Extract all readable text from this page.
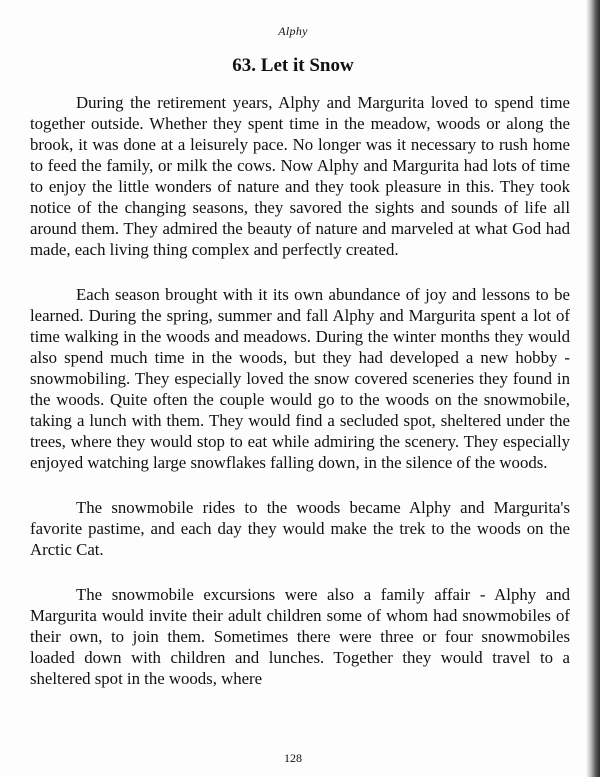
Alphy
63. Let it Snow

During the retirement years, Alphy and Margurita loved to spend time together outside. Whether they spent time in the meadow, woods or along the brook, it was done at a leisurely pace. No longer was it necessary to rush home to feed the family, or milk the cows. Now Alphy and Margurita had lots of time to enjoy the little wonders of nature and they took pleasure in this. They took notice of the changing seasons, they savored the sights and sounds of life all around them. They admired the beauty of nature and marveled at what God had made, each living thing complex and perfectly created.

Each season brought with it its own abundance of joy and lessons to be learned. During the spring, summer and fall Alphy and Margurita spent a lot of time walking in the woods and meadows. During the winter months they would also spend much time in the woods, but they had developed a new hobby - snowmobiling. They especially loved the snow covered sceneries they found in the woods. Quite often the couple would go to the woods on the snowmobile, taking a lunch with them. They would find a secluded spot, sheltered under the trees, where they would stop to eat while admiring the scenery. They especially enjoyed watching large snowflakes falling down, in the silence of the woods.

The snowmobile rides to the woods became Alphy and Margurita's favorite pastime, and each day they would make the trek to the woods on the Arctic Cat.

The snowmobile excursions were also a family affair - Alphy and Margurita would invite their adult children some of whom had snowmobiles of their own, to join them. Sometimes there were three or four snowmobiles loaded down with children and lunches. Together they would travel to a sheltered spot in the woods, where

128
